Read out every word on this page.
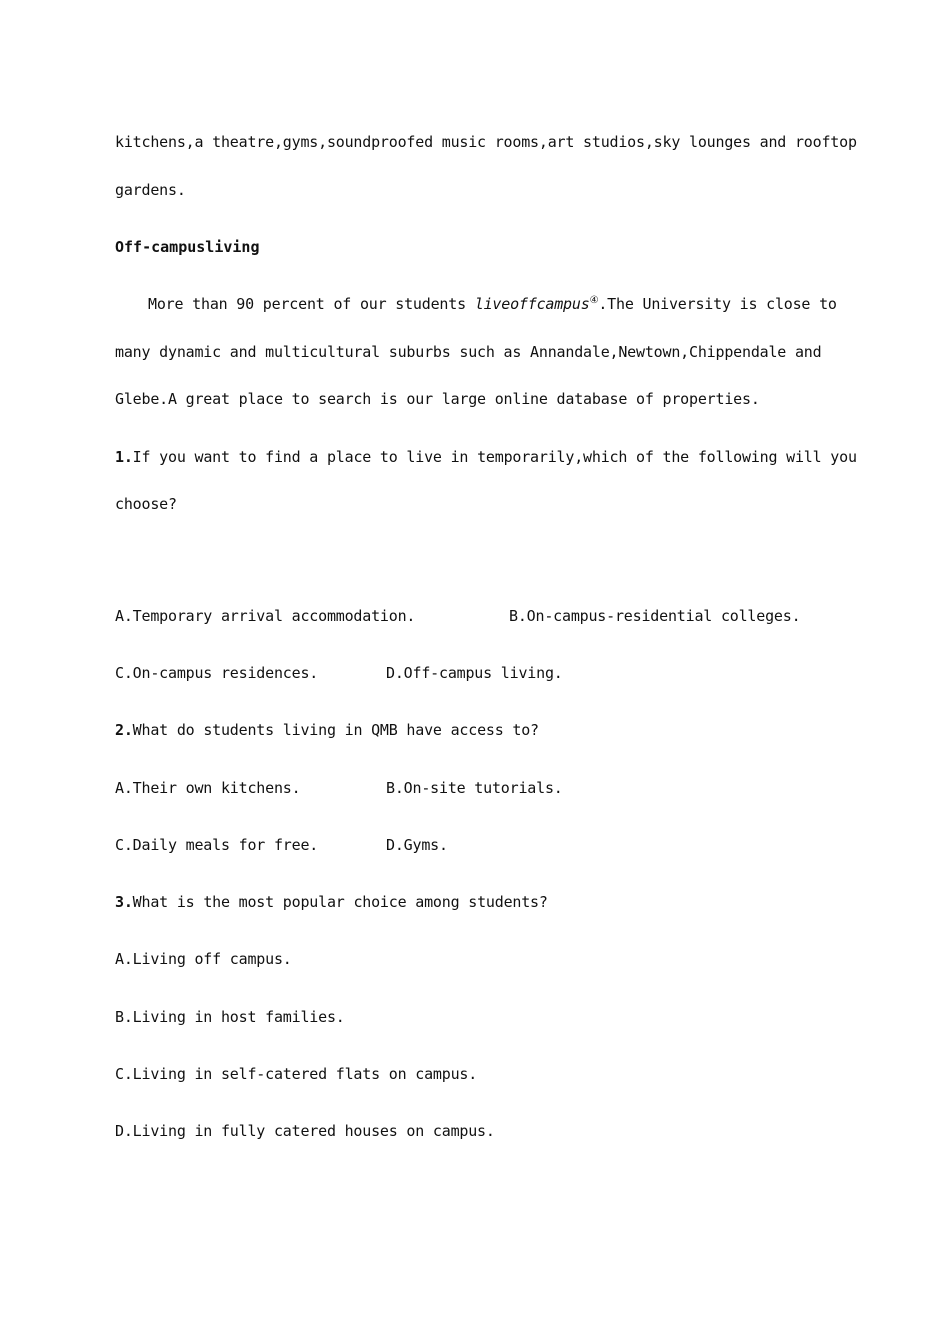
kitchens,a theatre,gyms,soundproofed music rooms,art studios,sky lounges and rooftop
gardens.
Off-campusliving
More than 90 percent of our students liveoffcampus④.The University is close to
many dynamic and multicultural suburbs such as Annandale,Newtown,Chippendale and
Glebe.A great place to search is our large online database of properties.
1.If you want to find a place to live in temporarily,which of the following will you
choose?
A.Temporary arrival accommodation.	B.On-campus-residential colleges.
C.On-campus residences.	D.Off-campus living.
2.What do students living in QMB have access to?
A.Their own kitchens.	B.On-site tutorials.
C.Daily meals for free.	D.Gyms.
3.What is the most popular choice among students?
A.Living off campus.
B.Living in host families.
C.Living in self-catered flats on campus.
D.Living in fully catered houses on campus.
